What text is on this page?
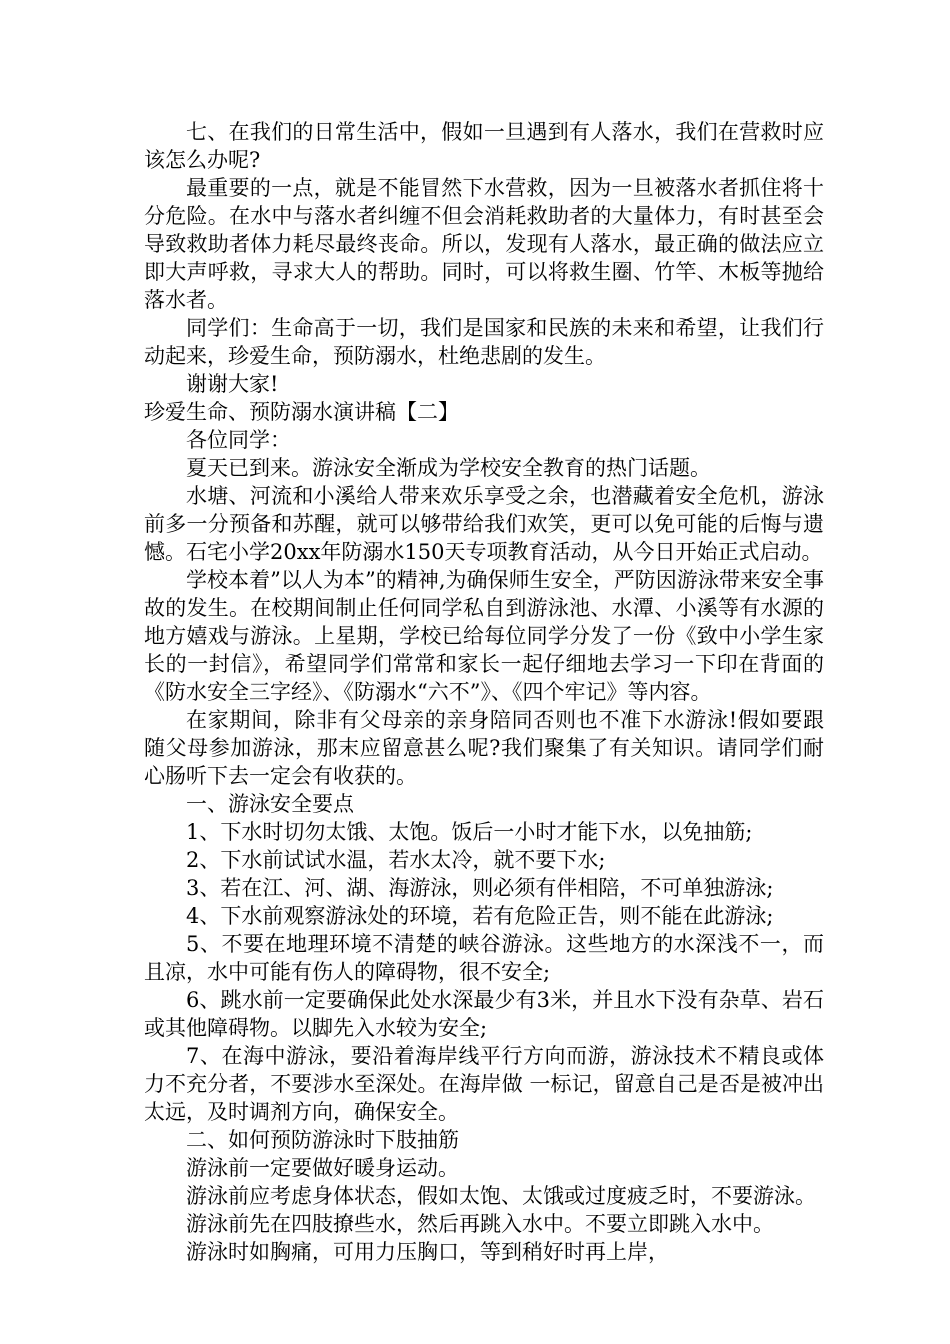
七、在我们的日常生活中，假如一旦遇到有人落水，我们在营救时应该怎么办呢?

最重要的一点，就是不能冒然下水营救，因为一旦被落水者抓住将十分危险。在水中与落水者纠缠不但会消耗救助者的大量体力，有时甚至会导致救助者体力耗尽最终丧命。所以，发现有人落水，最正确的做法应立即大声呼救，寻求大人的帮助。同时，可以将救生圈、竹竿、木板等抛给落水者。

同学们：生命高于一切，我们是国家和民族的未来和希望，让我们行动起来，珍爱生命，预防溺水，杜绝悲剧的发生。

谢谢大家!

珍爱生命、预防溺水演讲稿【二】

各位同学：

夏天已到来。游泳安全渐成为学校安全教育的热门话题。

水塘、河流和小溪给人带来欢乐享受之余，也潜藏着安全危机，游泳前多一分预备和苏醒，就可以够带给我们欢笑，更可以免可能的后悔与遗憾。石宅小学20xx年防溺水150天专项教育活动，从今日开始正式启动。

学校本着”以人为本”的精神,为确保师生安全，严防因游泳带来安全事故的发生。在校期间制止任何同学私自到游泳池、水潭、小溪等有水源的地方嬉戏与游泳。上星期，学校已给每位同学分发了一份《致中小学生家长的一封信》，希望同学们常常和家长一起仔细地去学习一下印在背面的《防水安全三字经》、《防溺水“六不”》、《四个牢记》等内容。

在家期间，除非有父母亲的亲身陪同否则也不准下水游泳!假如要跟随父母参加游泳，那末应留意甚么呢?我们聚集了有关知识。请同学们耐心肠听下去一定会有收获的。

一、游泳安全要点

1、下水时切勿太饿、太饱。饭后一小时才能下水，以免抽筋;

2、下水前试试水温，若水太冷，就不要下水;

3、若在江、河、湖、海游泳，则必须有伴相陪，不可单独游泳;

4、下水前观察游泳处的环境，若有危险正告，则不能在此游泳;

5、不要在地理环境不清楚的峡谷游泳。这些地方的水深浅不一，而且凉，水中可能有伤人的障碍物，很不安全;

6、跳水前一定要确保此处水深最少有3米，并且水下没有杂草、岩石或其他障碍物。以脚先入水较为安全;

7、在海中游泳，要沿着海岸线平行方向而游，游泳技术不精良或体力不充分者，不要涉水至深处。在海岸做 一标记，留意自己是否是被冲出太远，及时调剂方向，确保安全。

二、如何预防游泳时下肢抽筋

游泳前一定要做好暖身运动。

游泳前应考虑身体状态，假如太饱、太饿或过度疲乏时，不要游泳。

游泳前先在四肢撩些水，然后再跳入水中。不要立即跳入水中。

游泳时如胸痛，可用力压胸口，等到稍好时再上岸，
